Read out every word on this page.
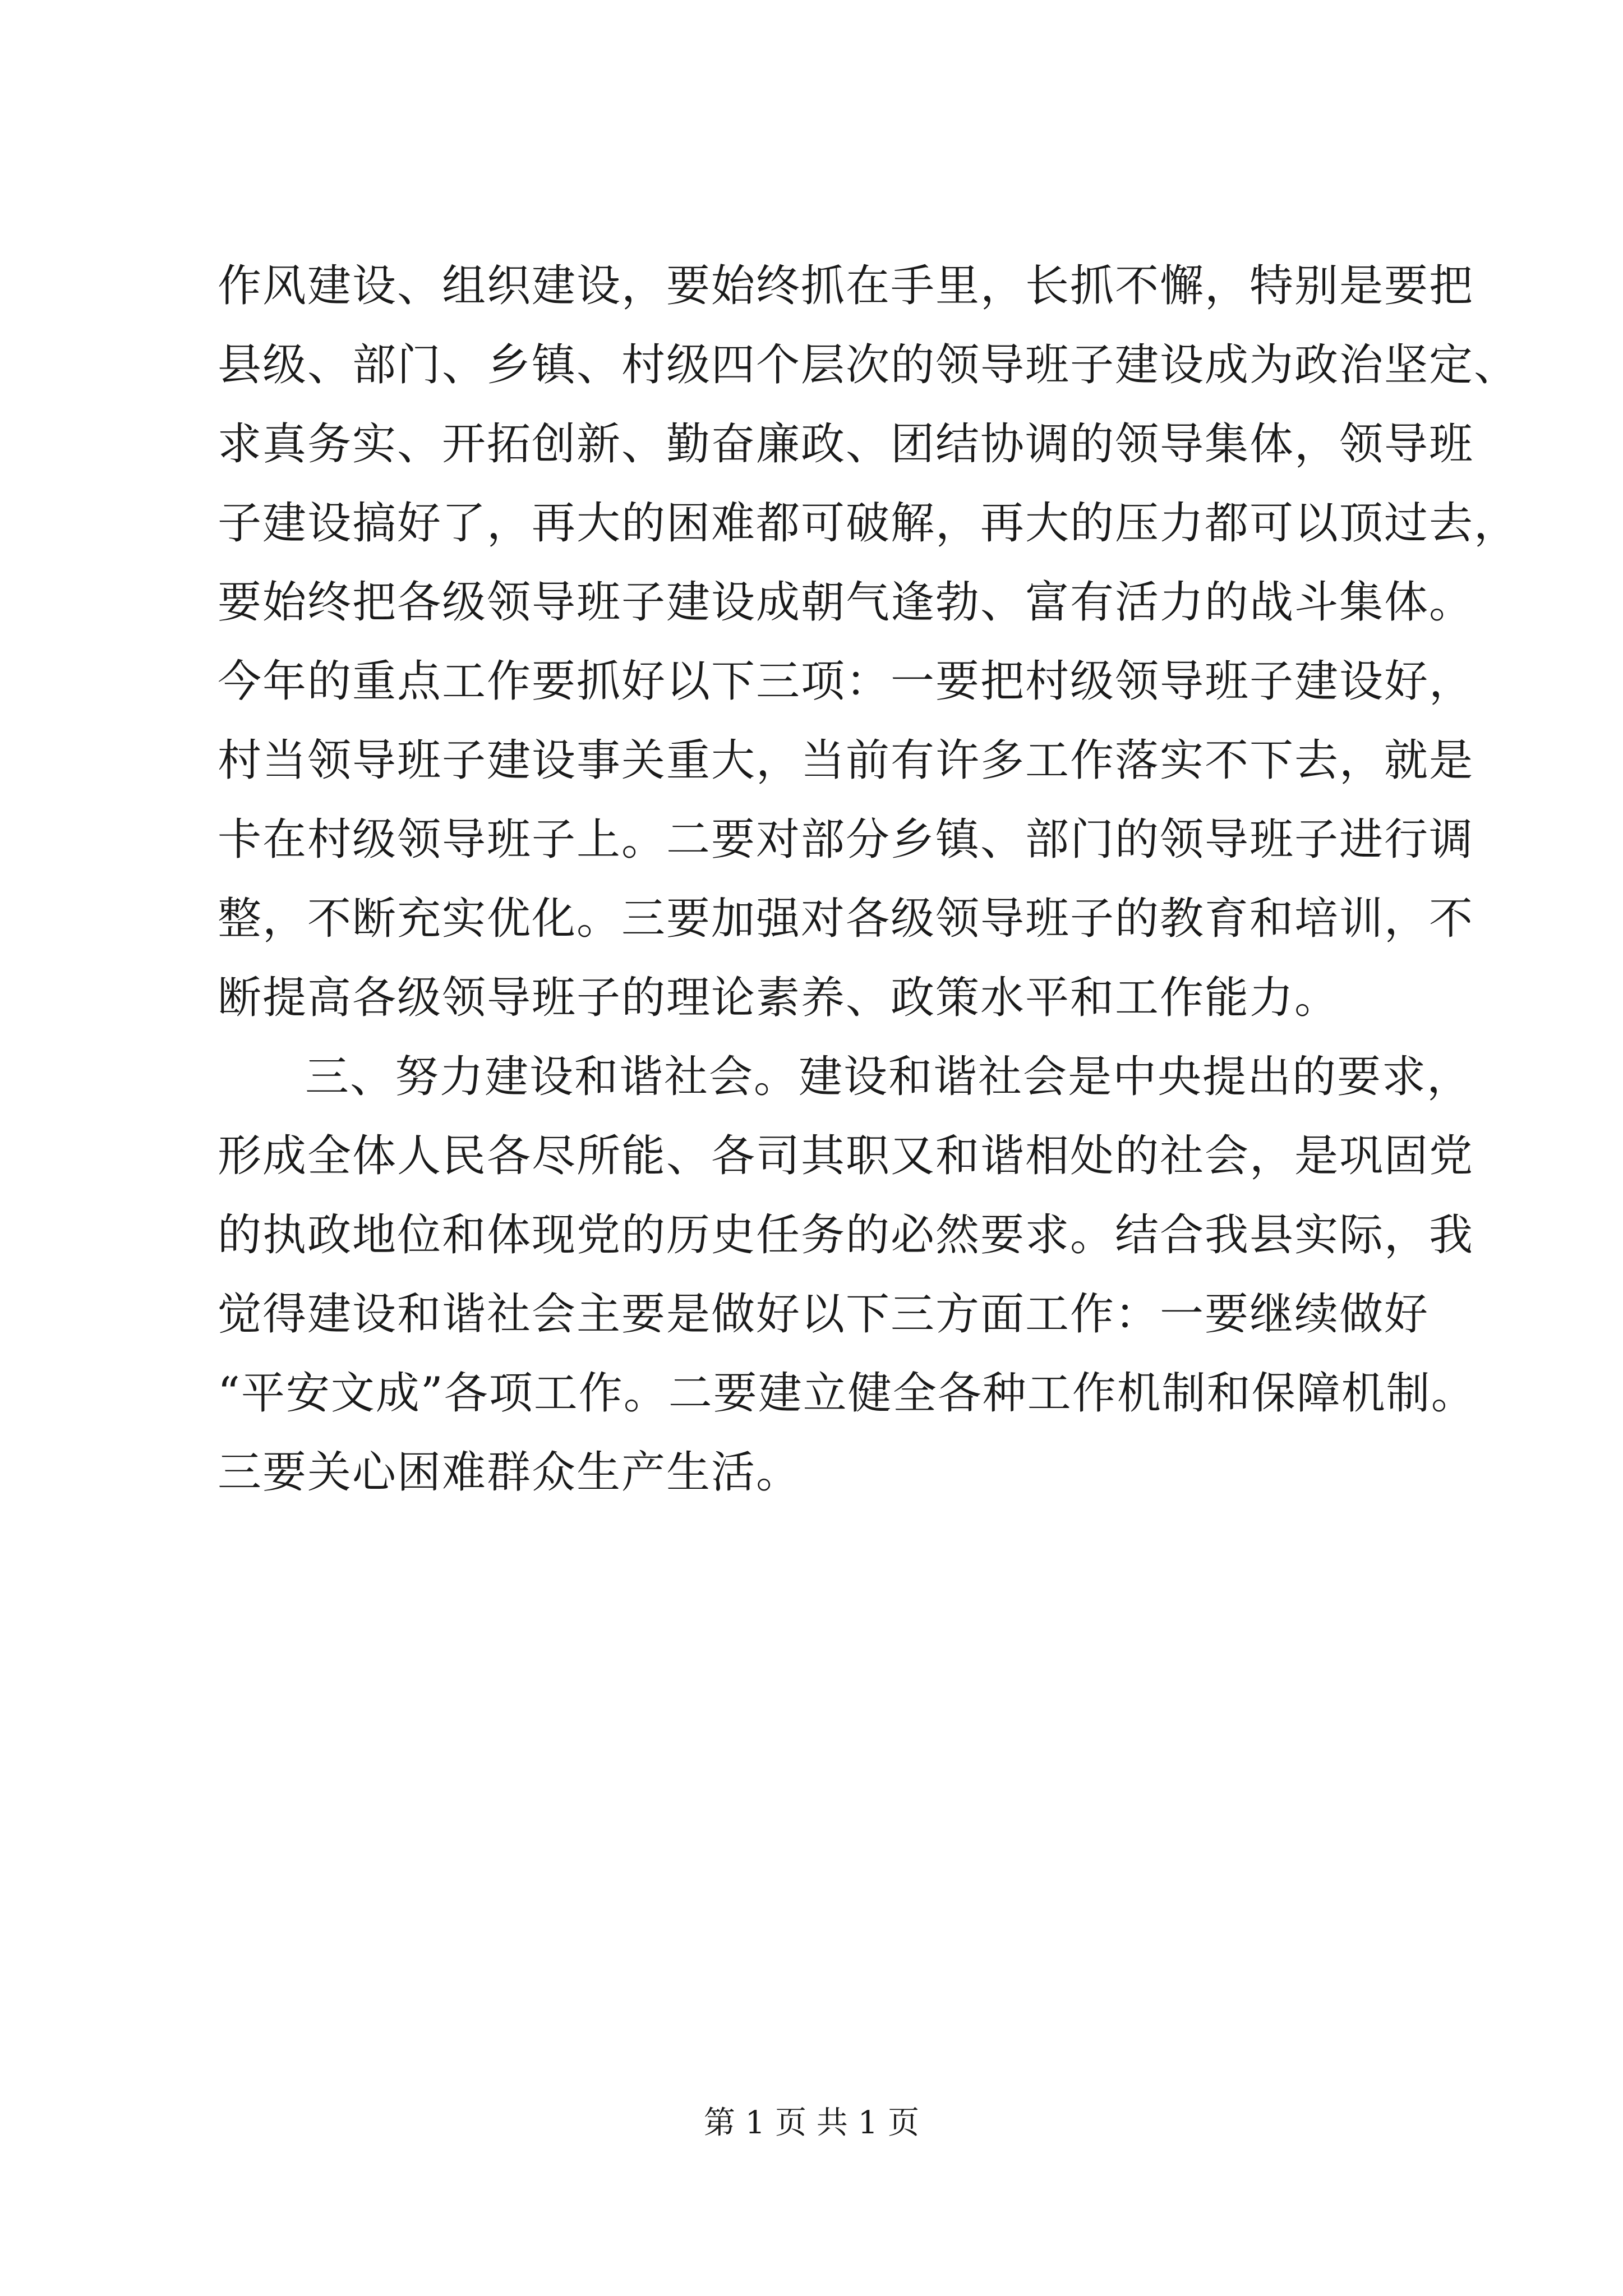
作风建设、组织建设，要始终抓在手里，长抓不懈，特别是要把
县级、部门、乡镇、村级四个层次的领导班子建设成为政治坚定、
求真务实、开拓创新、勤奋廉政、团结协调的领导集体，领导班
子建设搞好了，再大的困难都可破解，再大的压力都可以顶过去，
要始终把各级领导班子建设成朝气逢勃、富有活力的战斗集体。
今年的重点工作要抓好以下三项：一要把村级领导班子建设好，
村当领导班子建设事关重大，当前有许多工作落实不下去，就是
卡在村级领导班子上。二要对部分乡镇、部门的领导班子进行调
整，不断充实优化。三要加强对各级领导班子的教育和培训，不
断提高各级领导班子的理论素养、政策水平和工作能力。
三、努力建设和谐社会。建设和谐社会是中央提出的要求，
形成全体人民各尽所能、各司其职又和谐相处的社会，是巩固党
的执政地位和体现党的历史任务的必然要求。结合我县实际，我
觉得建设和谐社会主要是做好以下三方面工作：一要继续做好
“平安文成”各项工作。二要建立健全各种工作机制和保障机制。
三要关心困难群众生产生活。
第 1 页 共 1 页
